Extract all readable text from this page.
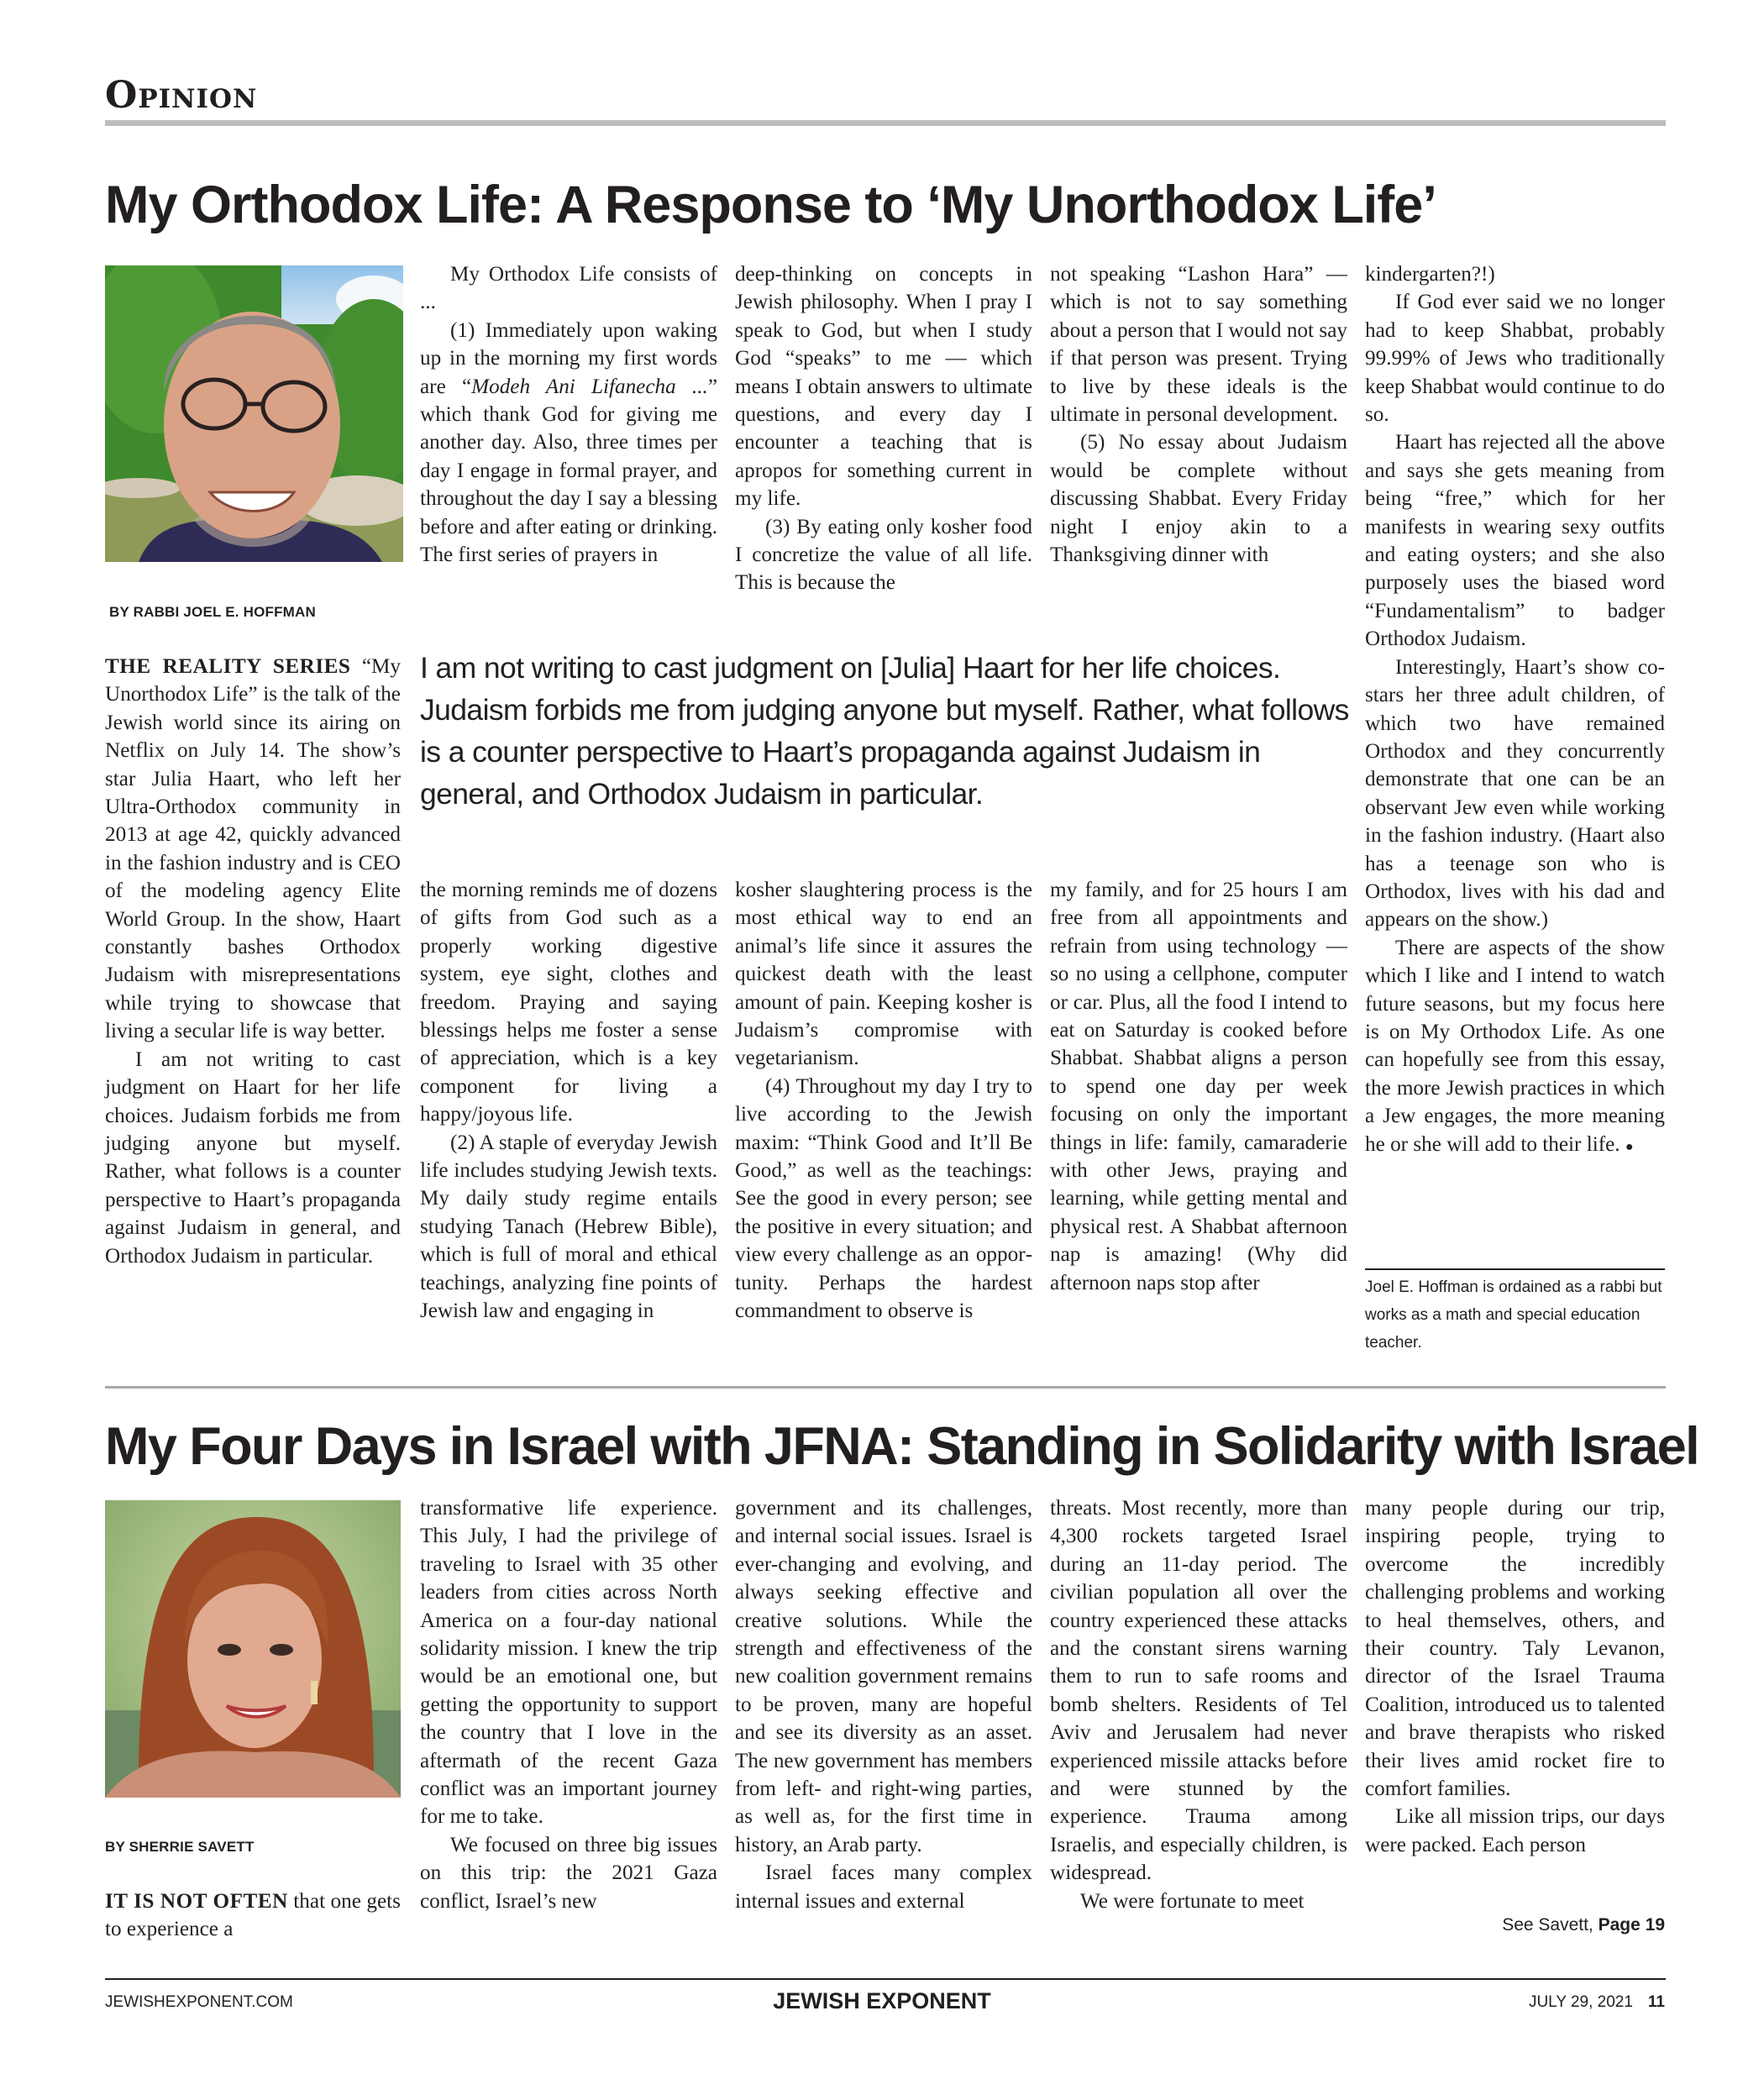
Opinion
My Orthodox Life: A Response to ‘My Unorthodox Life’
BY RABBI JOEL E. HOFFMAN

THE REALITY SERIES “My Unorthodox Life” is the talk of the Jewish world since its airing on Netflix on July 14. The show’s star Julia Haart, who left her Ultra-Orthodox community in 2013 at age 42, quickly advanced in the fashion industry and is CEO of the modeling agency Elite World Group. In the show, Haart constantly bashes Orthodox Judaism with misrepresentations while trying to showcase that living a secular life is way better.

I am not writing to cast judgment on Haart for her life choices. Judaism forbids me from judging anyone but myself. Rather, what follows is a counter perspective to Haart’s propaganda against Judaism in general, and Orthodox Judaism in particular.

My Orthodox Life consists of ...

(1) Immediately upon waking up in the morning my first words are “Modeh Ani Lifanecha ...” which thank God for giving me another day. Also, three times per day I engage in formal prayer, and throughout the day I say a blessing before and after eating or drinking. The first series of prayers in

deep-thinking on concepts in Jewish philosophy. When I pray I speak to God, but when I study God “speaks” to me — which means I obtain answers to ultimate questions, and every day I encounter a teaching that is apropos for something current in my life.

(3) By eating only kosher food I concretize the value of all life. This is because the

not speaking “Lashon Hara” — which is not to say something about a person that I would not say if that person was present. Trying to live by these ideals is the ultimate in personal development.

(5) No essay about Judaism would be complete without discussing Shabbat. Every Friday night I enjoy akin to a Thanksgiving dinner with

I am not writing to cast judgment on [Julia] Haart for her life choices. Judaism forbids me from judging anyone but myself. Rather, what follows is a counter perspective to Haart’s propaganda against Judaism in general, and Orthodox Judaism in particular.

the morning reminds me of dozens of gifts from God such as a properly working digestive system, eye sight, clothes and freedom. Praying and saying blessings helps me foster a sense of appreciation, which is a key component for living a happy/joyous life.

(2) A staple of everyday Jewish life includes studying Jewish texts. My daily study regime entails studying Tanach (Hebrew Bible), which is full of moral and ethical teachings, analyzing fine points of Jewish law and engaging in

kosher slaughtering process is the most ethical way to end an animal’s life since it assures the quickest death with the least amount of pain. Keeping kosher is Judaism’s compromise with vegetarianism.

(4) Throughout my day I try to live according to the Jewish maxim: “Think Good and It’ll Be Good,” as well as the teachings: See the good in every person; see the positive in every situation; and view every challenge as an opportunity. Perhaps the hardest commandment to observe is

my family, and for 25 hours I am free from all appointments and refrain from using technology — so no using a cellphone, computer or car. Plus, all the food I intend to eat on Saturday is cooked before Shabbat. Shabbat aligns a person to spend one day per week focusing on only the important things in life: family, camaraderie with other Jews, praying and learning, while getting mental and physical rest. A Shabbat afternoon nap is amazing! (Why did afternoon naps stop after

kindergarten?!)

If God ever said we no longer had to keep Shabbat, probably 99.99% of Jews who traditionally keep Shabbat would continue to do so.

Haart has rejected all the above and says she gets meaning from being “free,” which for her manifests in wearing sexy outfits and eating oysters; and she also purposely uses the biased word “Fundamentalism” to badger Orthodox Judaism.

Interestingly, Haart’s show co-stars her three adult children, of which two have remained Orthodox and they concurrently demonstrate that one can be an observant Jew even while working in the fashion industry. (Haart also has a teenage son who is Orthodox, lives with his dad and appears on the show.)

There are aspects of the show which I like and I intend to watch future seasons, but my focus here is on My Orthodox Life. As one can hopefully see from this essay, the more Jewish practices in which a Jew engages, the more meaning he or she will add to their life. ●

Joel E. Hoffman is ordained as a rabbi but works as a math and special education teacher.
My Four Days in Israel with JFNA: Standing in Solidarity with Israel
BY SHERRIE SAVETT

IT IS NOT OFTEN that one gets to experience a

transformative life experience. This July, I had the privilege of traveling to Israel with 35 other leaders from cities across North America on a four-day national solidarity mission. I knew the trip would be an emotional one, but getting the opportunity to support the country that I love in the aftermath of the recent Gaza conflict was an important journey for me to take.

We focused on three big issues on this trip: the 2021 Gaza conflict, Israel’s new

government and its challenges, and internal social issues. Israel is ever-changing and evolving, and always seeking effective and creative solutions. While the strength and effectiveness of the new coalition government remains to be proven, many are hopeful and see its diversity as an asset. The new government has members from left- and right-wing parties, as well as, for the first time in history, an Arab party.

Israel faces many complex internal issues and external

threats. Most recently, more than 4,300 rockets targeted Israel during an 11-day period. The civilian population all over the country experienced these attacks and the constant sirens warning them to run to safe rooms and bomb shelters. Residents of Tel Aviv and Jerusalem had never experienced missile attacks before and were stunned by the experience. Trauma among Israelis, and especially children, is widespread.

We were fortunate to meet

many people during our trip, inspiring people, trying to overcome the incredibly challenging problems and working to heal themselves, others, and their country. Taly Levanon, director of the Israel Trauma Coalition, introduced us to talented and brave therapists who risked their lives amid rocket fire to comfort families.

Like all mission trips, our days were packed. Each person

See Savett, Page 19
JEWISHEXPONENT.COM	JEWISH EXPONENT	JULY 29, 2021 11
